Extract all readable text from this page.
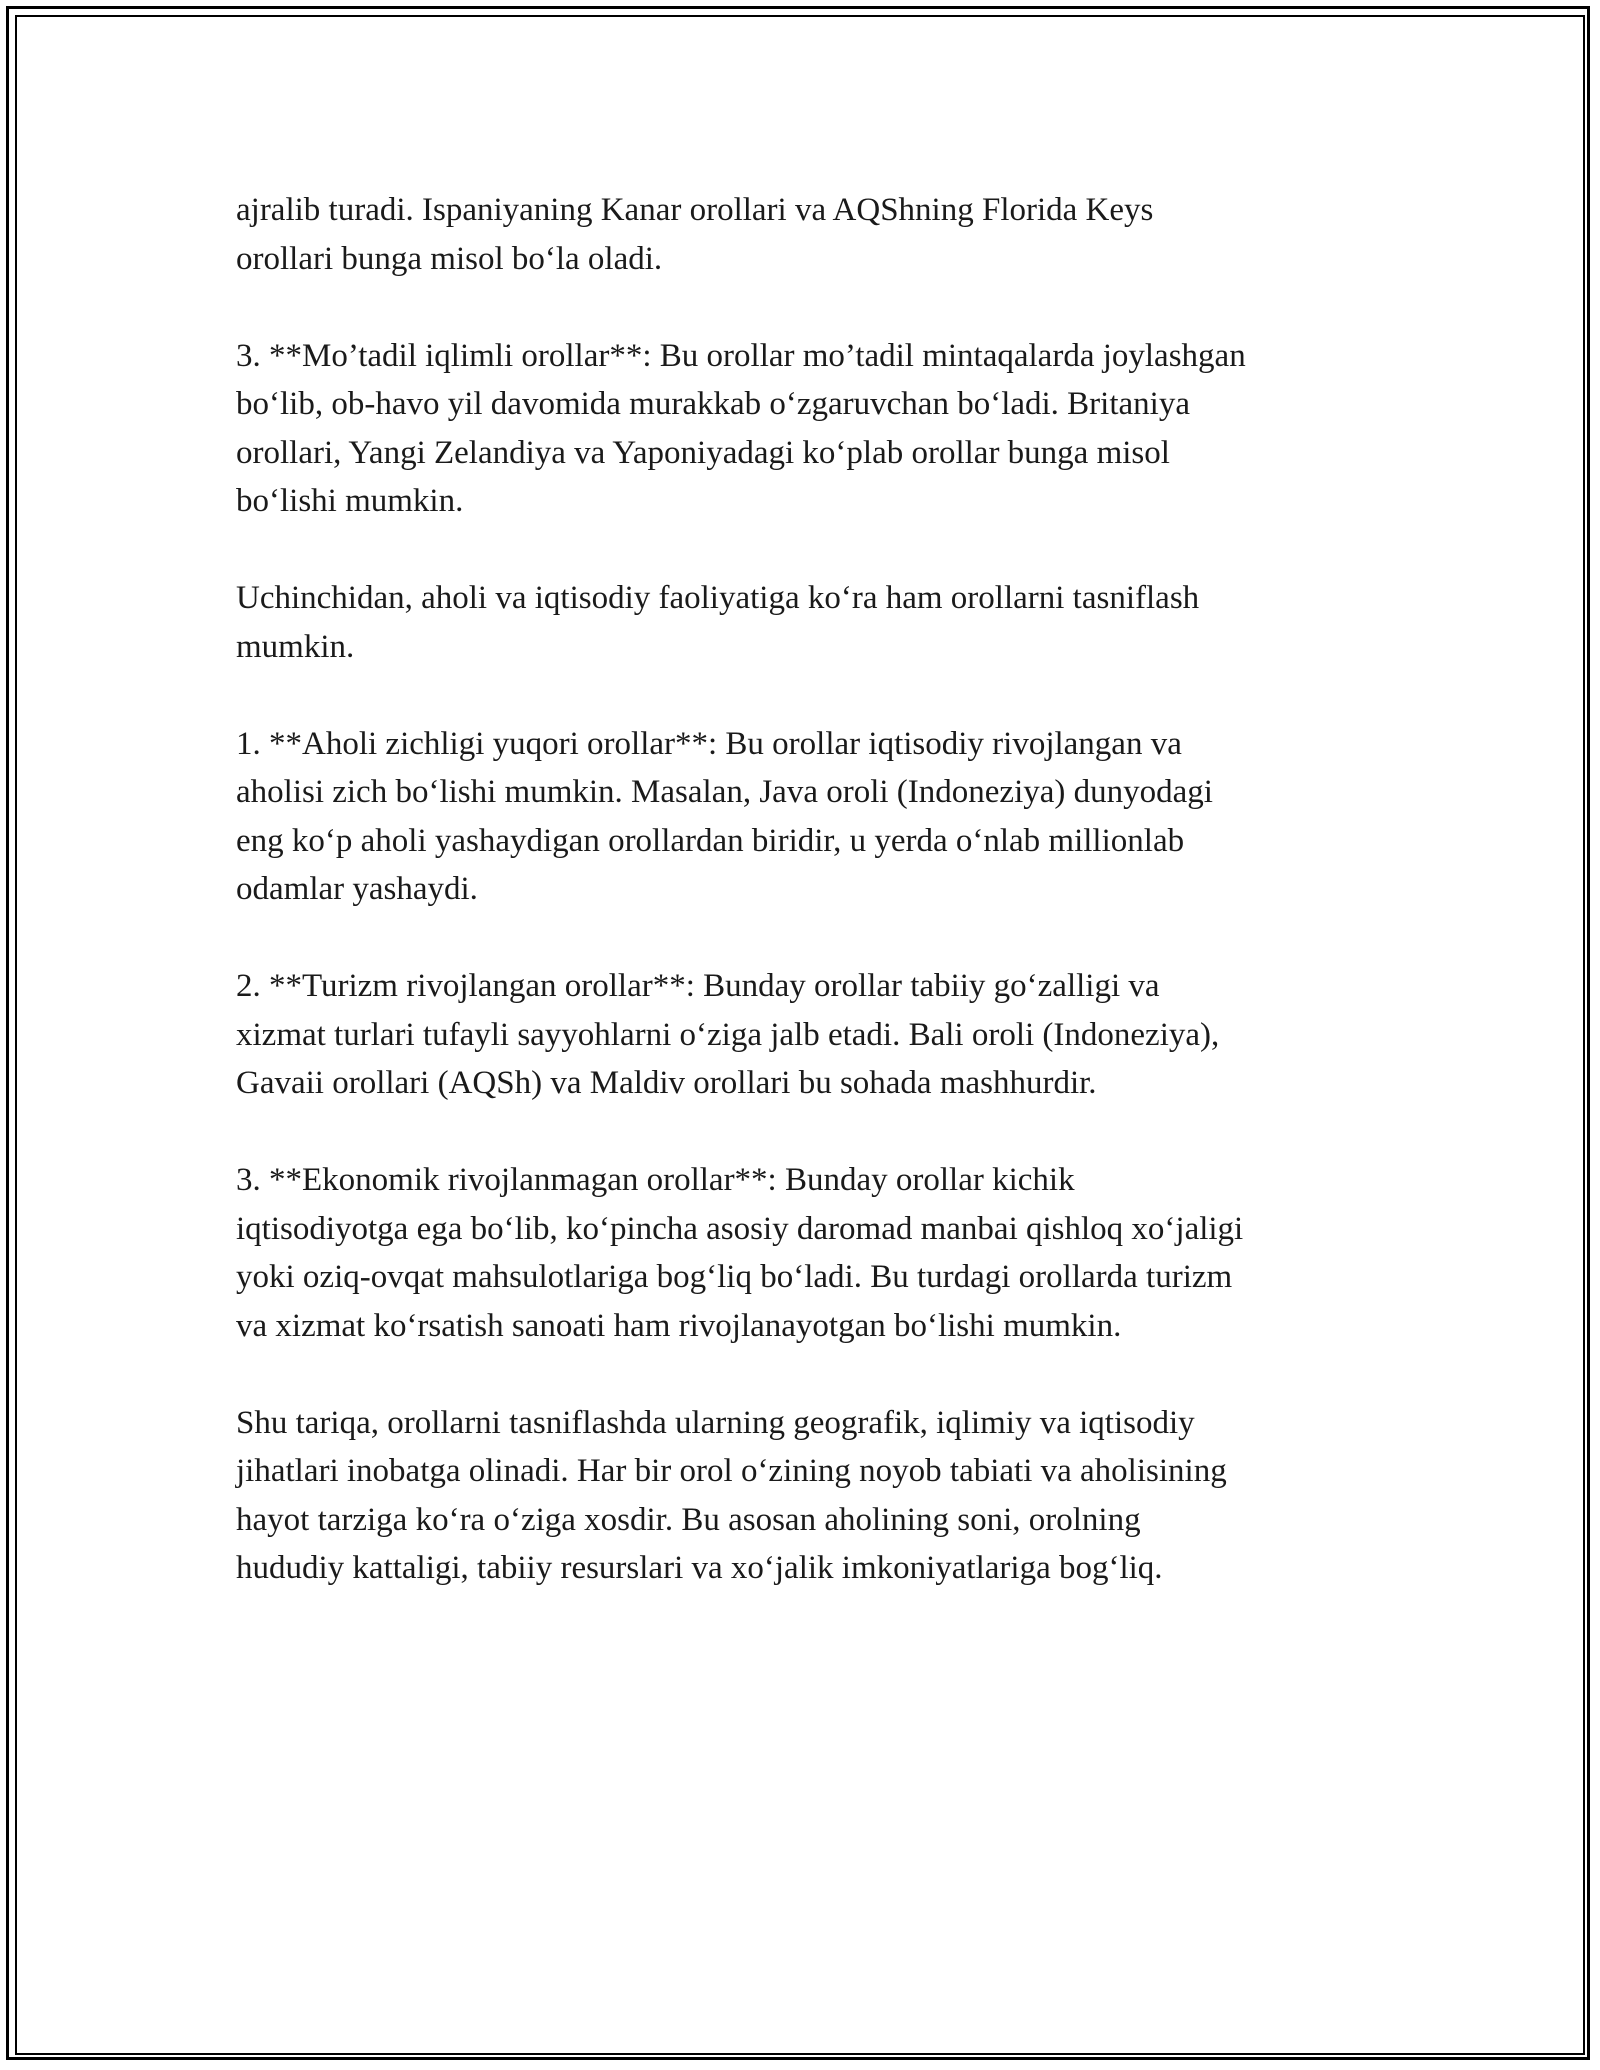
ajralib turadi. Ispaniyaning Kanar orollari va AQShning Florida Keys
orollari bunga misol bo‘la oladi.

3. **Mo’tadil iqlimli orollar**: Bu orollar mo’tadil mintaqalarda joylashgan
bo‘lib, ob-havo yil davomida murakkab o‘zgaruvchan bo‘ladi. Britaniya
orollari, Yangi Zelandiya va Yaponiyadagi ko‘plab orollar bunga misol
bo‘lishi mumkin.

Uchinchidan, aholi va iqtisodiy faoliyatiga ko‘ra ham orollarni tasniflash
mumkin.

1. **Aholi zichligi yuqori orollar**: Bu orollar iqtisodiy rivojlangan va
aholisi zich bo‘lishi mumkin. Masalan, Java oroli (Indoneziya) dunyodagi
eng ko‘p aholi yashaydigan orollardan biridir, u yerda o‘nlab millionlab
odamlar yashaydi.

2. **Turizm rivojlangan orollar**: Bunday orollar tabiiy go‘zalligi va
xizmat turlari tufayli sayyohlarni o‘ziga jalb etadi. Bali oroli (Indoneziya),
Gavaii orollari (AQSh) va Maldiv orollari bu sohada mashhurdir.

3. **Ekonomik rivojlanmagan orollar**: Bunday orollar kichik
iqtisodiyotga ega bo‘lib, ko‘pincha asosiy daromad manbai qishloq xo‘jaligi
yoki oziq-ovqat mahsulotlariga bog‘liq bo‘ladi. Bu turdagi orollarda turizm
va xizmat ko‘rsatish sanoati ham rivojlanayotgan bo‘lishi mumkin.

Shu tariqa, orollarni tasniflashda ularning geografik, iqlimiy va iqtisodiy
jihatlari inobatga olinadi. Har bir orol o‘zining noyob tabiati va aholisining
hayot tarziga ko‘ra o‘ziga xosdir. Bu asosan aholining soni, orolning
hududiy kattaligi, tabiiy resurslari va xo‘jalik imkoniyatlariga bog‘liq.
